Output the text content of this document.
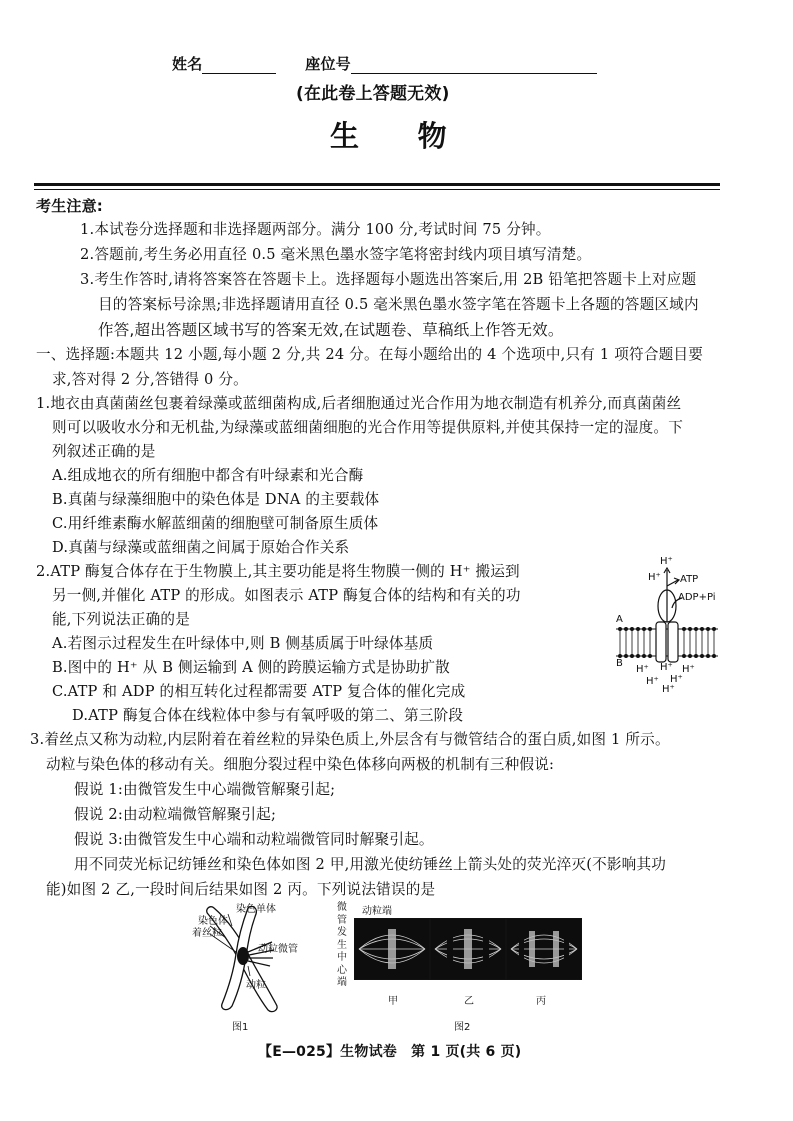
姓名	座位号
(在此卷上答题无效)
生　　物
考生注意:
1.本试卷分选择题和非选择题两部分。满分 100 分,考试时间 75 分钟。
2.答题前,考生务必用直径 0.5 毫米黑色墨水签字笔将密封线内项目填写清楚。
3.考生作答时,请将答案答在答题卡上。选择题每小题选出答案后,用 2B 铅笔把答题卡上对应题
目的答案标号涂黑;非选择题请用直径 0.5 毫米黑色墨水签字笔在答题卡上各题的答题区域内
作答,超出答题区域书写的答案无效,在试题卷、草稿纸上作答无效。
一、选择题:本题共 12 小题,每小题 2 分,共 24 分。在每小题给出的 4 个选项中,只有 1 项符合题目要
求,答对得 2 分,答错得 0 分。
1.地衣由真菌菌丝包裹着绿藻或蓝细菌构成,后者细胞通过光合作用为地衣制造有机养分,而真菌菌丝
则可以吸收水分和无机盐,为绿藻或蓝细菌细胞的光合作用等提供原料,并使其保持一定的湿度。下
列叙述正确的是
A.组成地衣的所有细胞中都含有叶绿素和光合酶
B.真菌与绿藻细胞中的染色体是 DNA 的主要载体
C.用纤维素酶水解蓝细菌的细胞壁可制备原生质体
D.真菌与绿藻或蓝细菌之间属于原始合作关系
2.ATP 酶复合体存在于生物膜上,其主要功能是将生物膜一侧的 H⁺ 搬运到
另一侧,并催化 ATP 的形成。如图表示 ATP 酶复合体的结构和有关的功
能,下列说法正确的是
A.若图示过程发生在叶绿体中,则 B 侧基质属于叶绿体基质
B.图中的 H⁺ 从 B 侧运输到 A 侧的跨膜运输方式是协助扩散
C.ATP 和 ADP 的相互转化过程都需要 ATP 复合体的催化完成
D.ATP 酶复合体在线粒体中参与有氧呼吸的第二、第三阶段
H⁺
H⁺ ATP
ADP+Pi
A
B
H⁺ H⁺ H⁺
H⁺ H⁺
H⁺
3.着丝点又称为动粒,内层附着在着丝粒的异染色质上,外层含有与微管结合的蛋白质,如图 1 所示。
动粒与染色体的移动有关。细胞分裂过程中染色体移向两极的机制有三种假说:
假说 1:由微管发生中心端微管解聚引起;
假说 2:由动粒端微管解聚引起;
假说 3:由微管发生中心端和动粒端微管同时解聚引起。
用不同荧光标记纺锤丝和染色体如图 2 甲,用激光使纺锤丝上箭头处的荧光淬灭(不影响其功
能)如图 2 乙,一段时间后结果如图 2 丙。下列说法错误的是
染色单体
染色体
着丝粒
动粒微管
动粒
图1
微
管
发
生
中
心
端
动粒端
甲	乙	丙
图2
【E—025】生物试卷　第 1 页(共 6 页)
